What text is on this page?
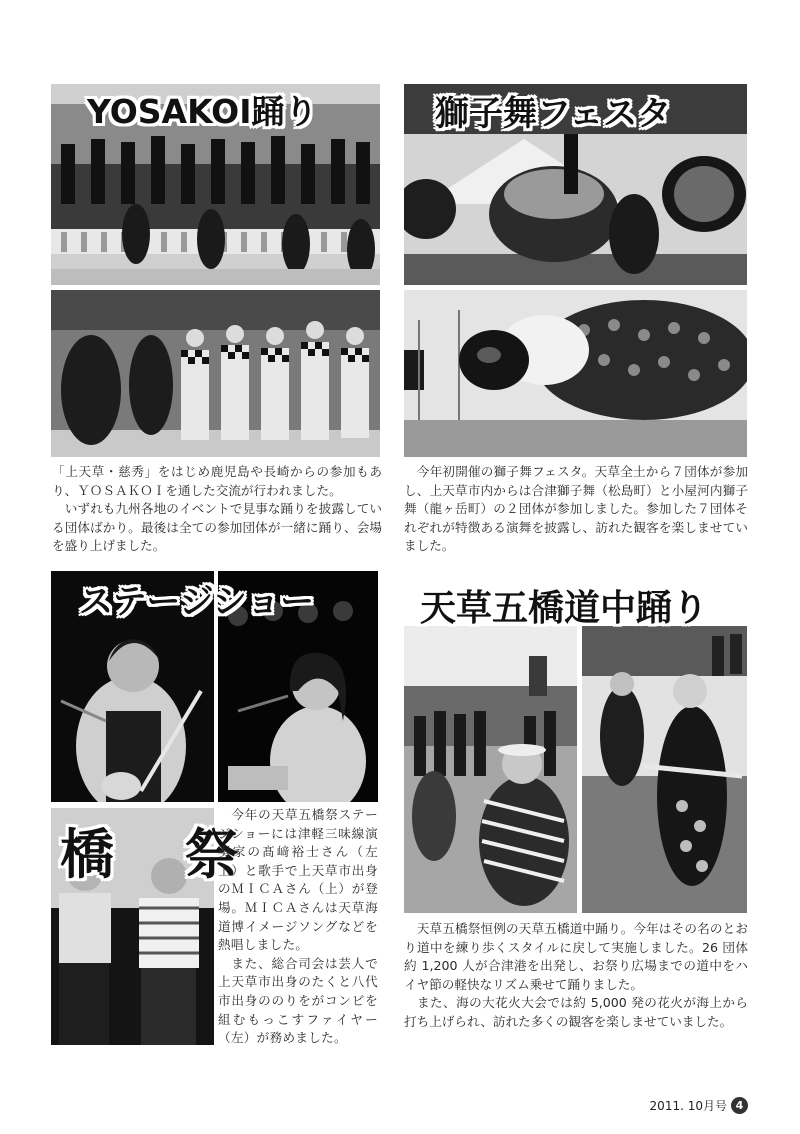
YOSAKOI踊り
「上天草・慈秀」をはじめ鹿児島や長崎からの参加もあり、ＹＯＳＡＫＯＩを通した交流が行われました。
　いずれも九州各地のイベントで見事な踊りを披露している団体ばかり。最後は全ての参加団体が一緒に踊り、会場を盛り上げました。
獅子舞フェスタ
　今年初開催の獅子舞フェスタ。天草全土から７団体が参加し、上天草市内からは合津獅子舞（松島町）と小屋河内獅子舞（龍ヶ岳町）の２団体が参加しました。参加した７団体それぞれが特徴ある演舞を披露し、訪れた観客を楽しませていました。
ステージショー
橋 祭
　今年の天草五橋祭ステージショーには津軽三味線演奏家の髙﨑裕士さん（左上）と歌手で上天草市出身のＭＩＣＡさん（上）が登場。ＭＩＣＡさんは天草海道博イメージソングなどを熱唱しました。
　また、総合司会は芸人で上天草市出身のたくと八代市出身ののりをがコンビを組むもっこすファイヤー（左）が務めました。
天草五橋道中踊り
　天草五橋祭恒例の天草五橋道中踊り。今年はその名のとおり道中を練り歩くスタイルに戻して実施しました。26 団体約 1,200 人が合津港を出発し、お祭り広場までの道中をハイヤ節の軽快なリズム乗せて踊りました。
　また、海の大花火大会では約 5,000 発の花火が海上から打ち上げられ、訪れた多くの観客を楽しませていました。
2011. 10月号 4
